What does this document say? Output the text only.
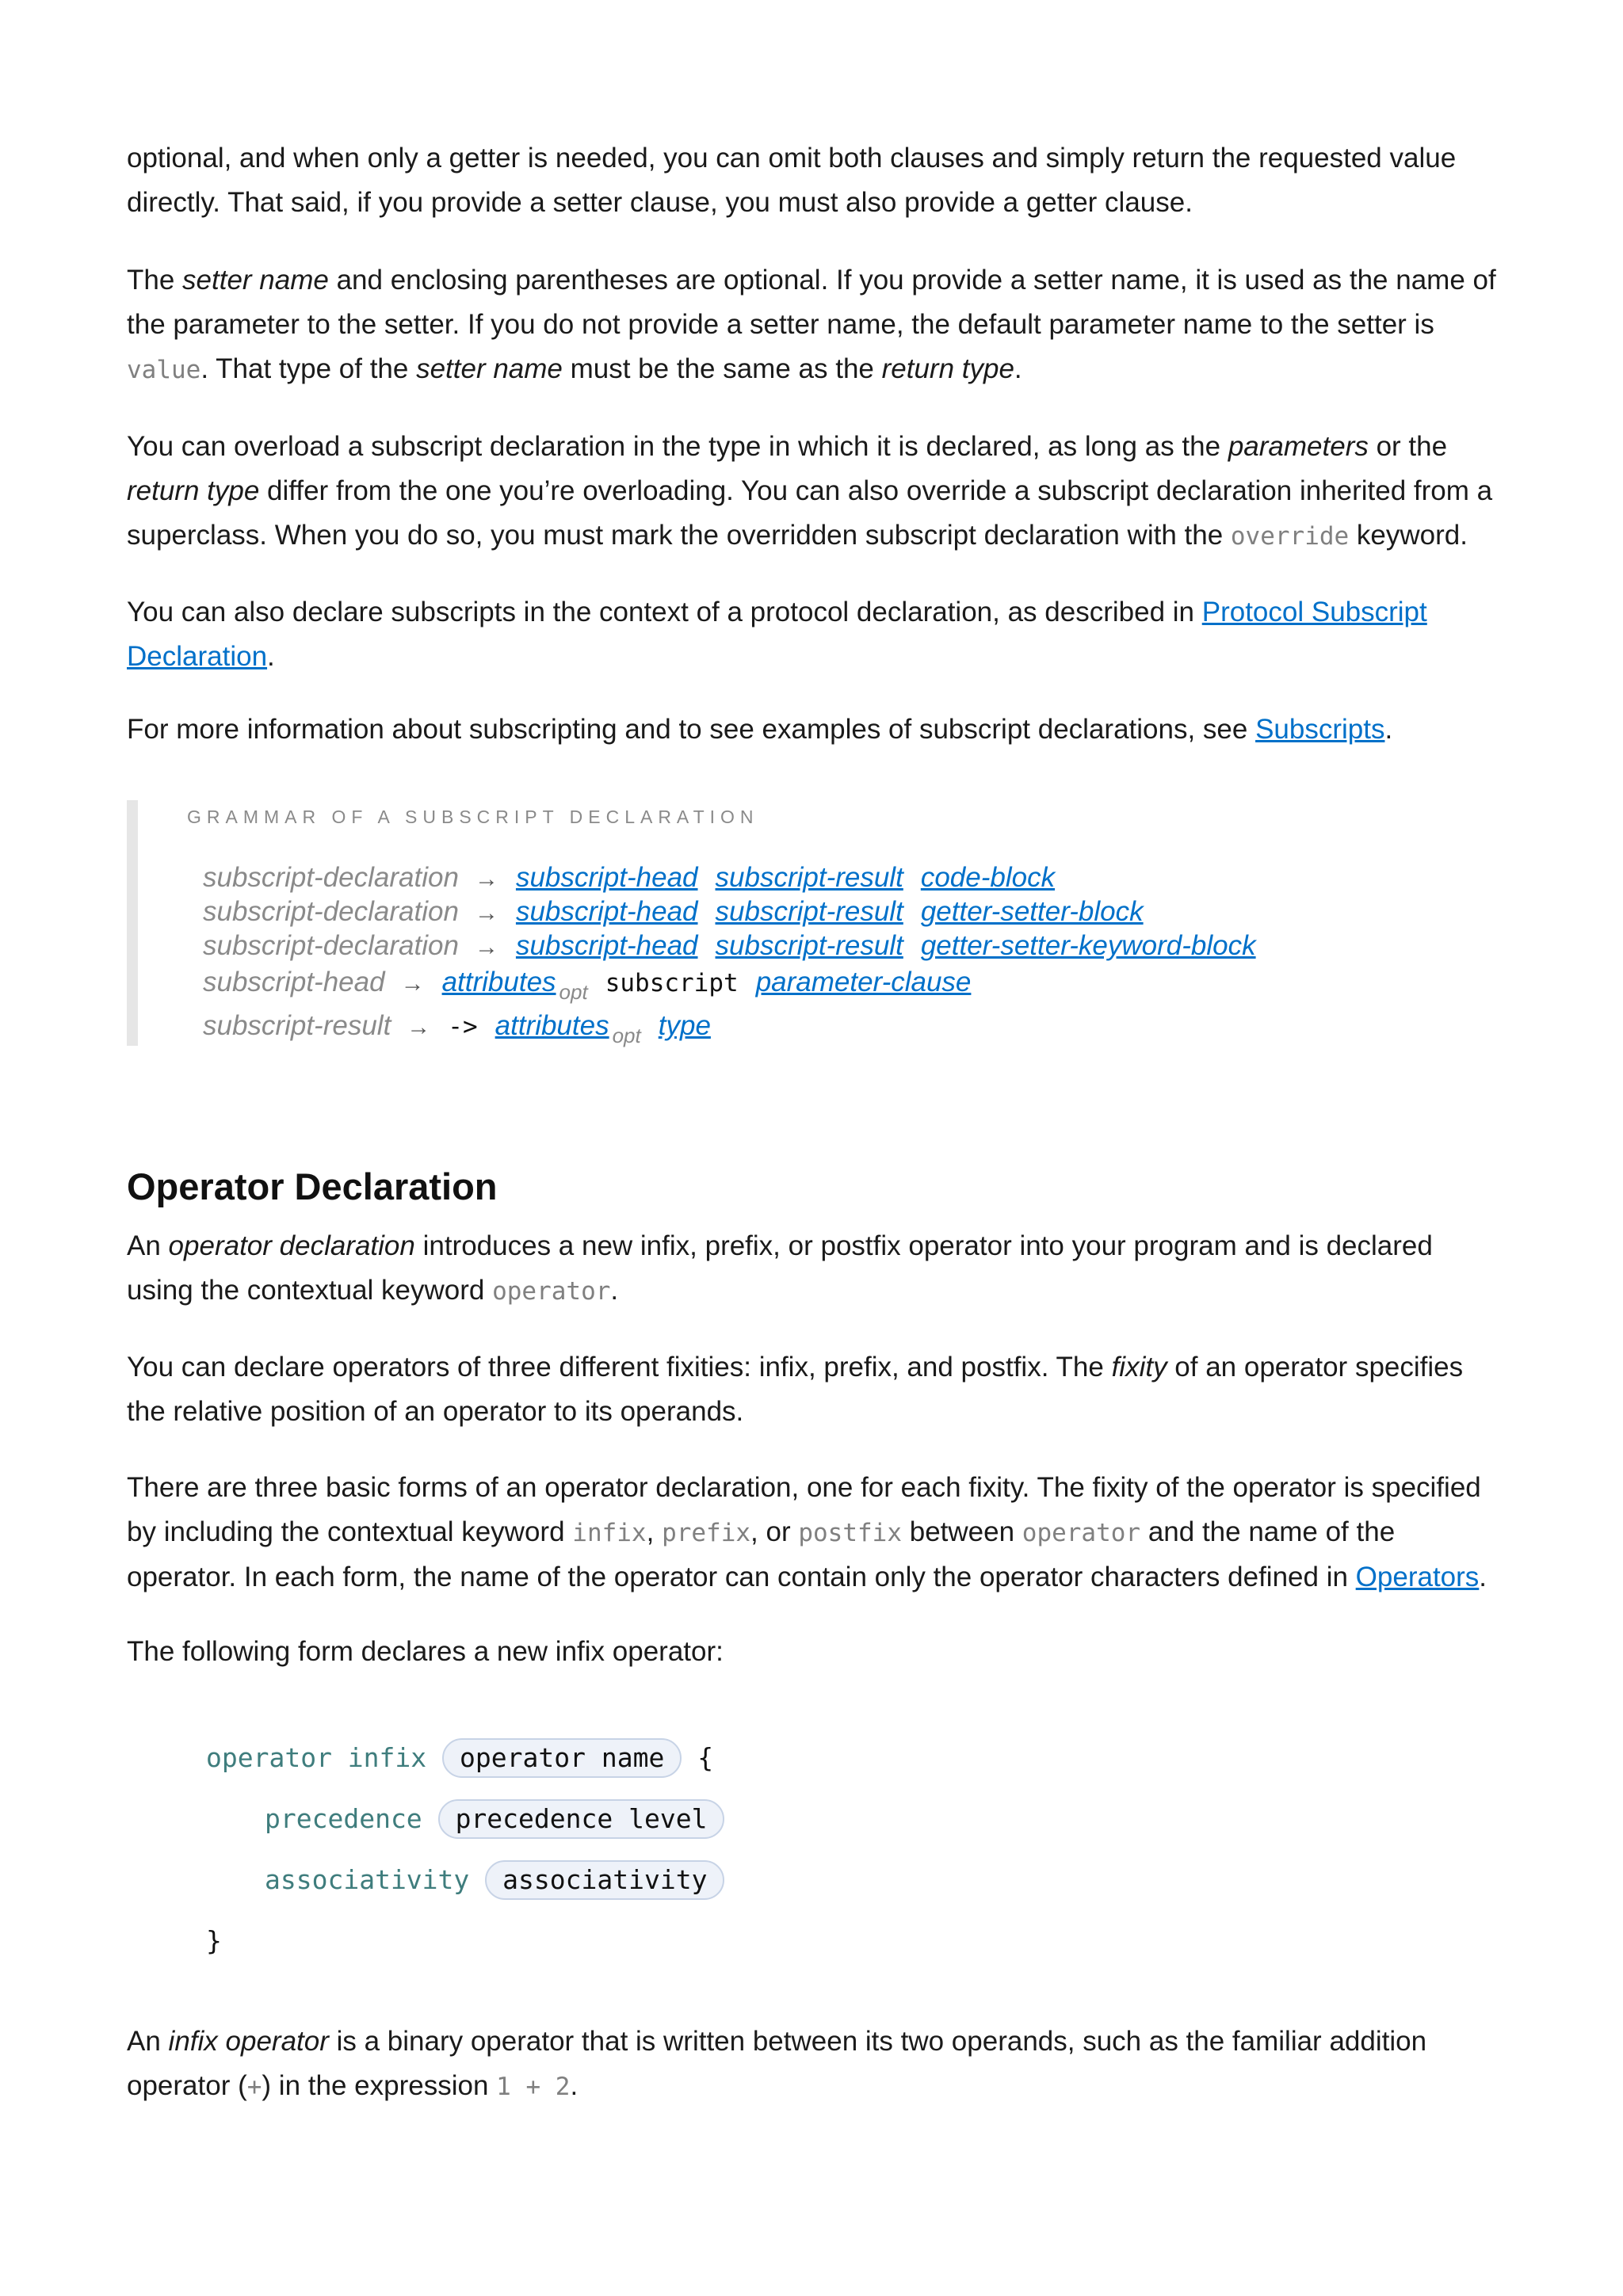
optional, and when only a getter is needed, you can omit both clauses and simply return the requested value
directly. That said, if you provide a setter clause, you must also provide a getter clause.

The setter name and enclosing parentheses are optional. If you provide a setter name, it is used as the name of the parameter to the setter. If you do not provide a setter name, the default parameter name to the setter is value. That type of the setter name must be the same as the return type.

You can overload a subscript declaration in the type in which it is declared, as long as the parameters or the return type differ from the one you’re overloading. You can also override a subscript declaration inherited from a superclass. When you do so, you must mark the overridden subscript declaration with the override keyword.

You can also declare subscripts in the context of a protocol declaration, as described in Protocol Subscript Declaration.

For more information about subscripting and to see examples of subscript declarations, see Subscripts.

GRAMMAR OF A SUBSCRIPT DECLARATION
subscript-declaration → subscript-head subscript-result code-block
subscript-declaration → subscript-head subscript-result getter-setter-block
subscript-declaration → subscript-head subscript-result getter-setter-keyword-block
subscript-head → attributes $_{opt}$ subscript parameter-clause
subscript-result → -> attributes $_{opt}$ type
Operator Declaration

An operator declaration introduces a new infix, prefix, or postfix operator into your program and is declared using the contextual keyword operator.

You can declare operators of three different fixities: infix, prefix, and postfix. The fixity of an operator specifies the relative position of an operator to its operands.

There are three basic forms of an operator declaration, one for each fixity. The fixity of the operator is specified by including the contextual keyword infix, prefix, or postfix between operator and the name of the operator. In each form, the name of the operator can contain only the operator characters defined in Operators.

The following form declares a new infix operator:

operator infix operator name {
precedence precedence level
associativity associativity
}

An infix operator is a binary operator that is written between its two operands, such as the familiar addition operator (+) in the expression 1 + 2.
